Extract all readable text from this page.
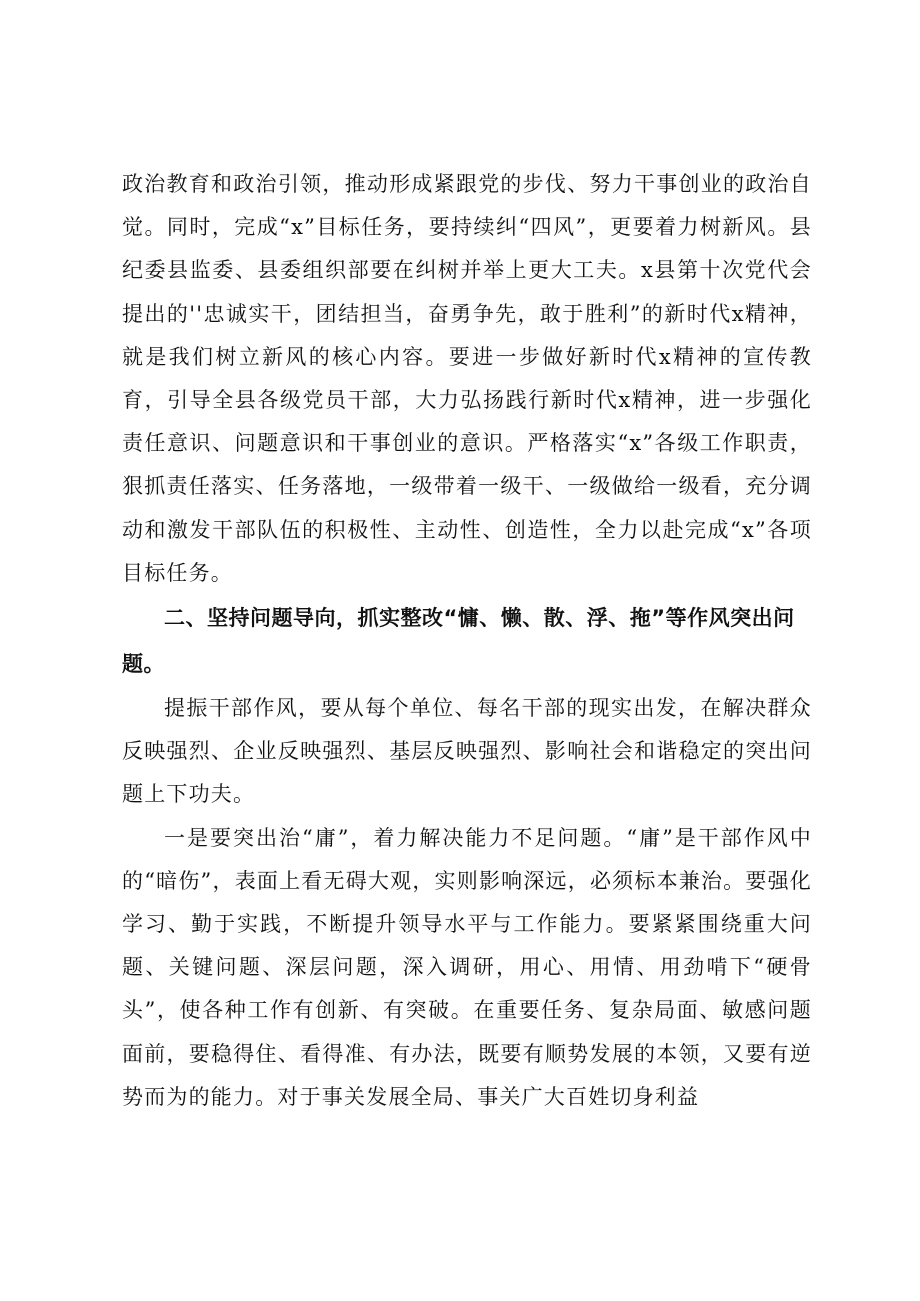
政治教育和政治引领，推动形成紧跟党的步伐、努力干事创业的政治自觉。同时，完成“x”目标任务，要持续纠“四风”，更要着力树新风。县纪委县监委、县委组织部要在纠树并举上更大工夫。x县第十次党代会提出的''忠诚实干，团结担当，奋勇争先，敢于胜利”的新时代x精神，就是我们树立新风的核心内容。要进一步做好新时代x精神的宣传教育，引导全县各级党员干部，大力弘扬践行新时代x精神，进一步强化责任意识、问题意识和干事创业的意识。严格落实“x”各级工作职责，狠抓责任落实、任务落地，一级带着一级干、一级做给一级看，充分调动和激发干部队伍的积极性、主动性、创造性，全力以赴完成“x”各项目标任务。

二、坚持问题导向，抓实整改“慵、懒、散、浮、拖”等作风突出问题。

提振干部作风，要从每个单位、每名干部的现实出发，在解决群众反映强烈、企业反映强烈、基层反映强烈、影响社会和谐稳定的突出问题上下功夫。

一是要突出治“庸”，着力解决能力不足问题。“庸”是干部作风中的“暗伤”，表面上看无碍大观，实则影响深远，必须标本兼治。要强化学习、勤于实践，不断提升领导水平与工作能力。要紧紧围绕重大问题、关键问题、深层问题，深入调研，用心、用情、用劲啃下“硬骨头”，使各种工作有创新、有突破。在重要任务、复杂局面、敏感问题面前，要稳得住、看得准、有办法，既要有顺势发展的本领，又要有逆势而为的能力。对于事关发展全局、事关广大百姓切身利益
